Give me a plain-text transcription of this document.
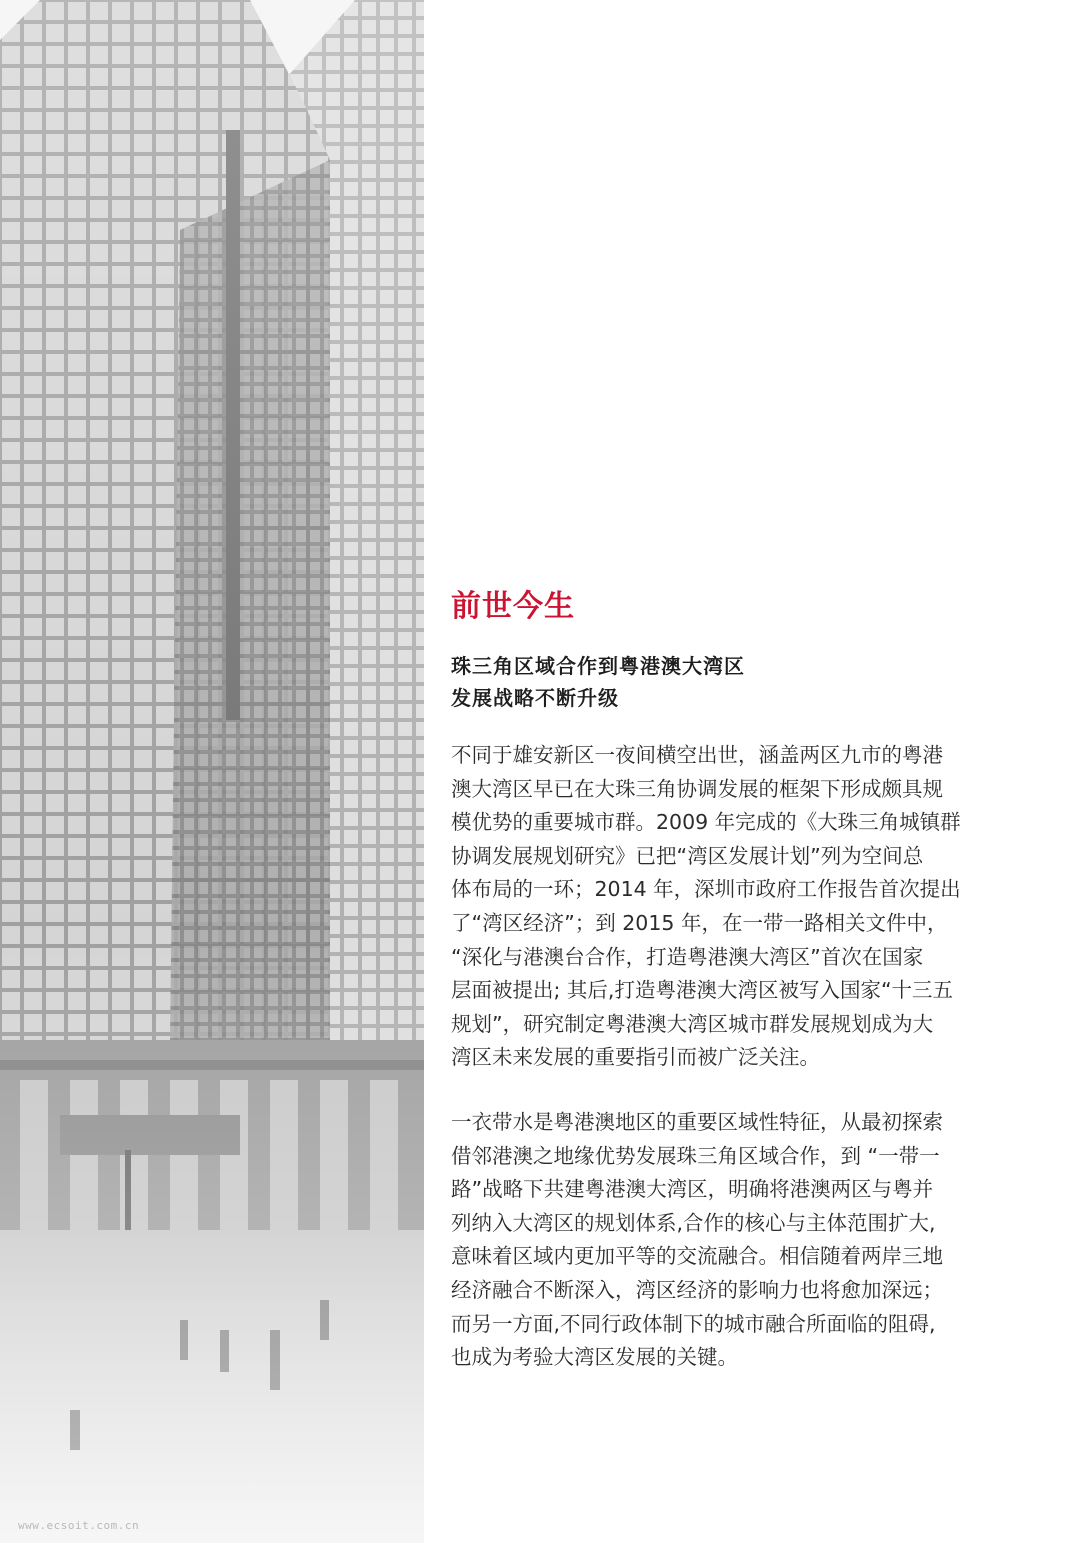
www.ecsoit.com.cn
前世今生
珠三角区域合作到粤港澳大湾区
发展战略不断升级

不同于雄安新区一夜间横空出世，涵盖两区九市的粤港
澳大湾区早已在大珠三角协调发展的框架下形成颇具规
模优势的重要城市群。2009 年完成的《大珠三角城镇群
协调发展规划研究》已把“湾区发展计划”列为空间总
体布局的一环；2014 年，深圳市政府工作报告首次提出
了“湾区经济”；到 2015 年，在一带一路相关文件中，
“深化与港澳台合作，打造粤港澳大湾区”首次在国家
层面被提出; 其后,打造粤港澳大湾区被写入国家“十三五
规划”，研究制定粤港澳大湾区城市群发展规划成为大
湾区未来发展的重要指引而被广泛关注。

一衣带水是粤港澳地区的重要区域性特征，从最初探索
借邻港澳之地缘优势发展珠三角区域合作，到 “一带一
路”战略下共建粤港澳大湾区，明确将港澳两区与粤并
列纳入大湾区的规划体系,合作的核心与主体范围扩大,
意味着区域内更加平等的交流融合。相信随着两岸三地
经济融合不断深入，湾区经济的影响力也将愈加深远；
而另一方面,不同行政体制下的城市融合所面临的阻碍,
也成为考验大湾区发展的关键。
